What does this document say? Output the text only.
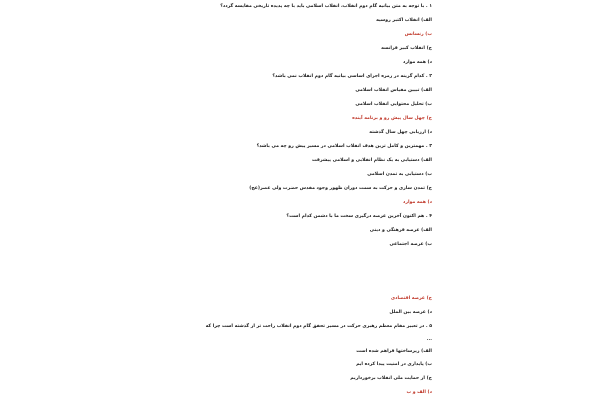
۱ . با توجه به متن بیانیه گام دوم انقلاب، انقلاب اسلامی باید با چه پدیده تاریخی مقایسه گردد؟
الف) انقلاب اکتبر روسیه
ب) رنسانس
ج) انقلاب کبیر فرانسه
د) همه موارد
۲ . کدام گزینه در زمره اجزای اساسی بیانیه گام دوم انقلاب نمی باشد؟
الف) تبیین مقیاس انقلاب اسلامی
ب) تحلیل محتوایی انقلاب اسلامی
ج) چهل سال پیش رو و برنامه آینده
د) ارزیابی چهل سال گذشته
۳ . مهمترین و کامل ترین هدف انقلاب اسلامی در مسیر پیش رو چه می باشد؟
الف) دستیابی به یک نظام انقلابی و اسلامی پیشرفت
ب) دستیابی به تمدن اسلامی
ج) تمدن سازی و حرکت به سمت دوران ظهور وجود مقدس حضرت ولی عصر(عج)
د) همه موارد
۴ . هم اکنون آخرین عرصه درگیری سخت ما با دشمن کدام است؟
الف) عرصه فرهنگی و دینی
ب) عرصه اجتماعی
ج) عرصه اقتصادی
د) عرصه بین الملل
۵ . در تعبیر مقام معظم رهبری حرکت در مسیر تحقق گام دوم انقلاب راحت تر از گذشته است چرا که
...
الف) زیرساختها فراهم شده است
ب) پایداری در امنیت پیدا کرده ایم
ج) از حمایت ملی انقلاب برخورداریم
د) الف و ب
